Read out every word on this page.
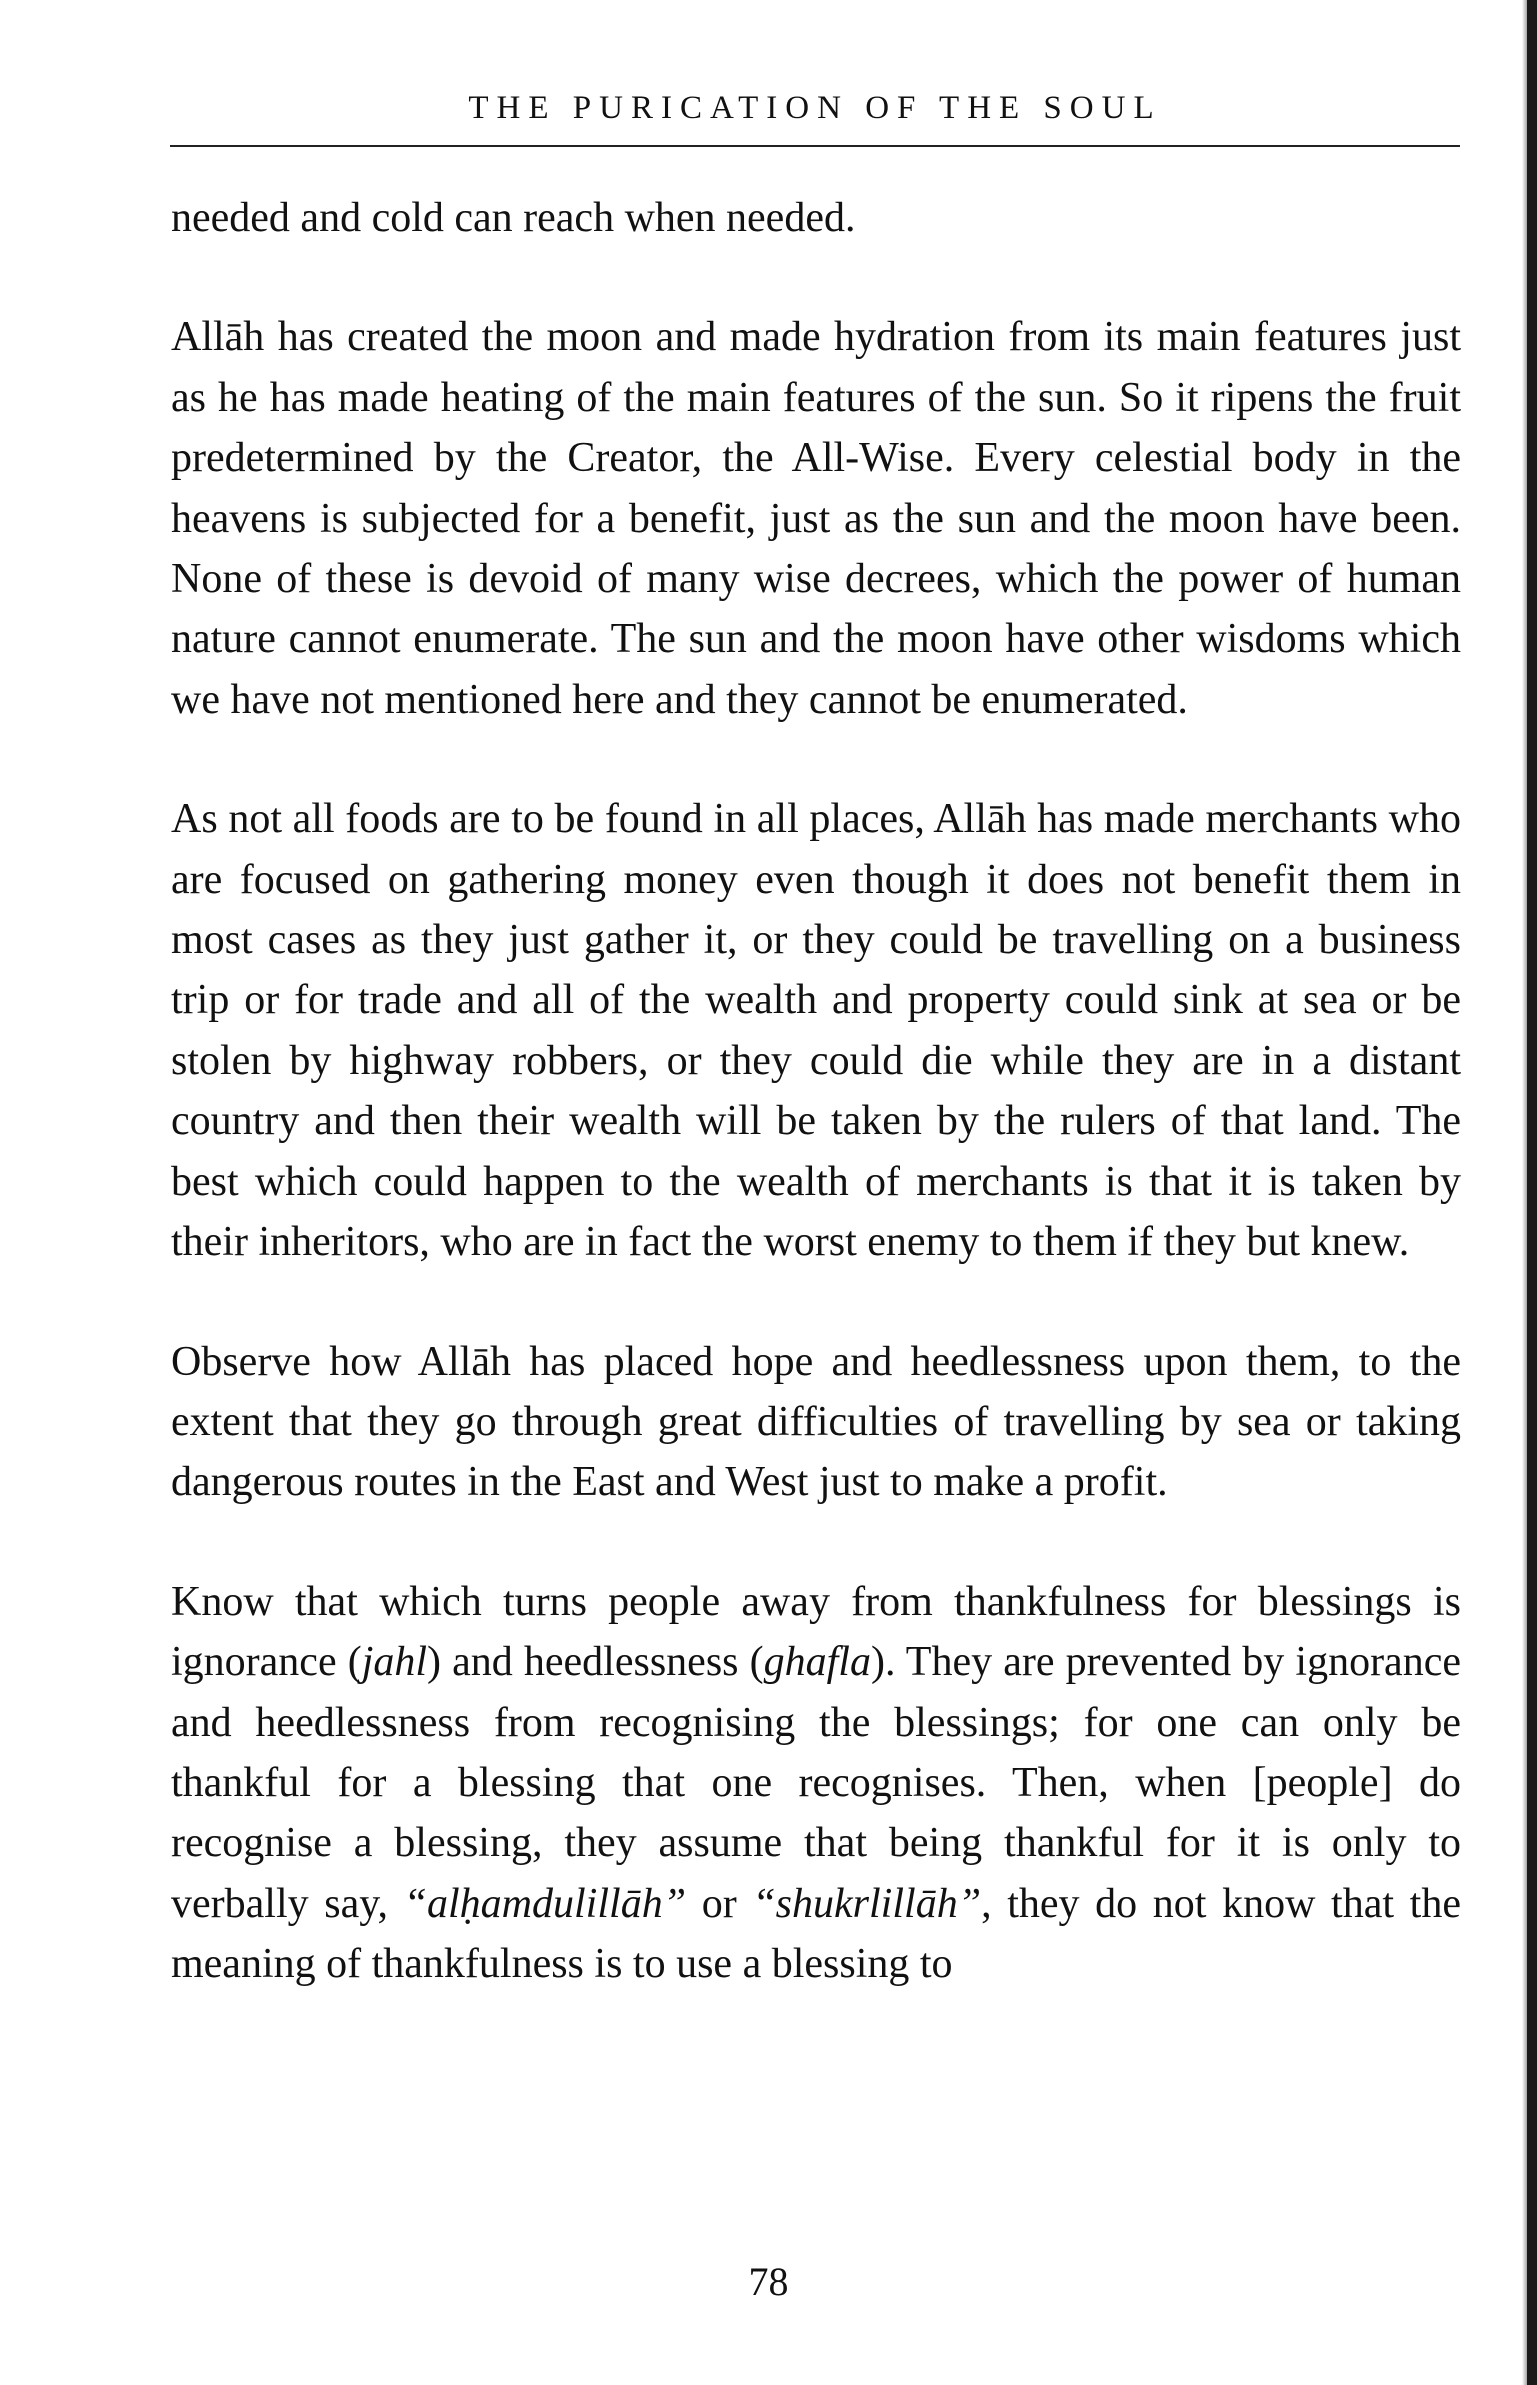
THE PURICATION OF THE SOUL

needed and cold can reach when needed.

Allāh has created the moon and made hydration from its main features just as he has made heating of the main features of the sun. So it ripens the fruit predetermined by the Creator, the All-Wise. Every celestial body in the heavens is subjected for a benefit, just as the sun and the moon have been. None of these is devoid of many wise decrees, which the power of human nature cannot enumerate. The sun and the moon have other wisdoms which we have not mentioned here and they cannot be enumerated.

As not all foods are to be found in all places, Allāh has made merchants who are focused on gathering money even though it does not benefit them in most cases as they just gather it, or they could be travelling on a business trip or for trade and all of the wealth and property could sink at sea or be stolen by highway robbers, or they could die while they are in a distant country and then their wealth will be taken by the rulers of that land. The best which could happen to the wealth of merchants is that it is taken by their inheritors, who are in fact the worst enemy to them if they but knew.

Observe how Allāh has placed hope and heedlessness upon them, to the extent that they go through great difficulties of travelling by sea or taking dangerous routes in the East and West just to make a profit.

Know that which turns people away from thankfulness for blessings is ignorance (jahl) and heedlessness (ghafla). They are prevented by ignorance and heedlessness from recognising the blessings; for one can only be thankful for a blessing that one recognises. Then, when [people] do recognise a blessing, they assume that being thankful for it is only to verbally say, “alḥamdulillāh” or “shukrlillāh”, they do not know that the meaning of thankfulness is to use a blessing to

78
